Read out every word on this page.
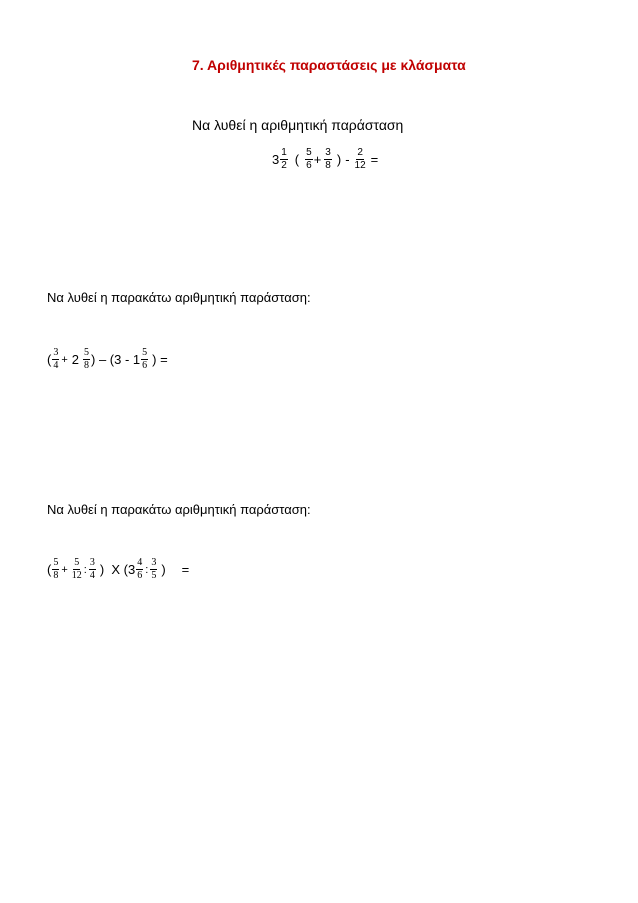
7. Αριθμητικές παραστάσεις με κλάσματα
Να λυθεί η αριθμητική παράσταση
$3 \frac{1}{2}$ ( $\frac{5}{6} + \frac{3}{8}$ ) - $\frac{2}{12}$ =
Να λυθεί η παρακάτω αριθμητική παράσταση:
( $\frac{3}{4} + 2 \frac{5}{8}$ ) – ($3 - 1 \frac{5}{6}$ ) =
Να λυθεί η παρακάτω αριθμητική παράσταση:
( $\frac{5}{8} + \frac{5}{12}$ : $\frac{3}{4}$ )  X ($3 \frac{4}{6}$ : $\frac{3}{5}$ ) =
